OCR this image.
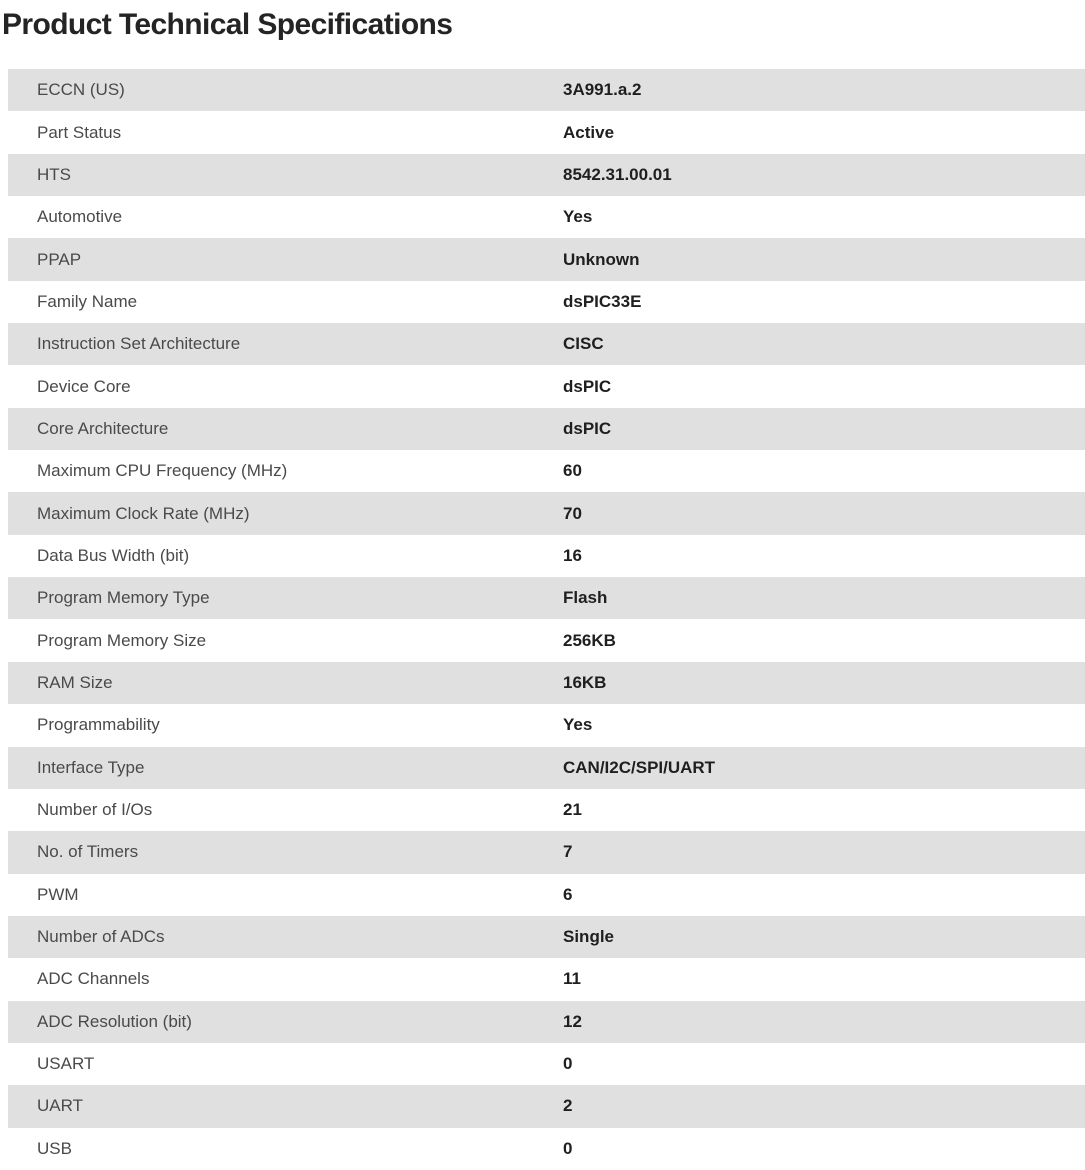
Product Technical Specifications
ECCN (US)	3A991.a.2
Part Status	Active
HTS	8542.31.00.01
Automotive	Yes
PPAP	Unknown
Family Name	dsPIC33E
Instruction Set Architecture	CISC
Device Core	dsPIC
Core Architecture	dsPIC
Maximum CPU Frequency (MHz)	60
Maximum Clock Rate (MHz)	70
Data Bus Width (bit)	16
Program Memory Type	Flash
Program Memory Size	256KB
RAM Size	16KB
Programmability	Yes
Interface Type	CAN/I2C/SPI/UART
Number of I/Os	21
No. of Timers	7
PWM	6
Number of ADCs	Single
ADC Channels	11
ADC Resolution (bit)	12
USART	0
UART	2
USB	0
